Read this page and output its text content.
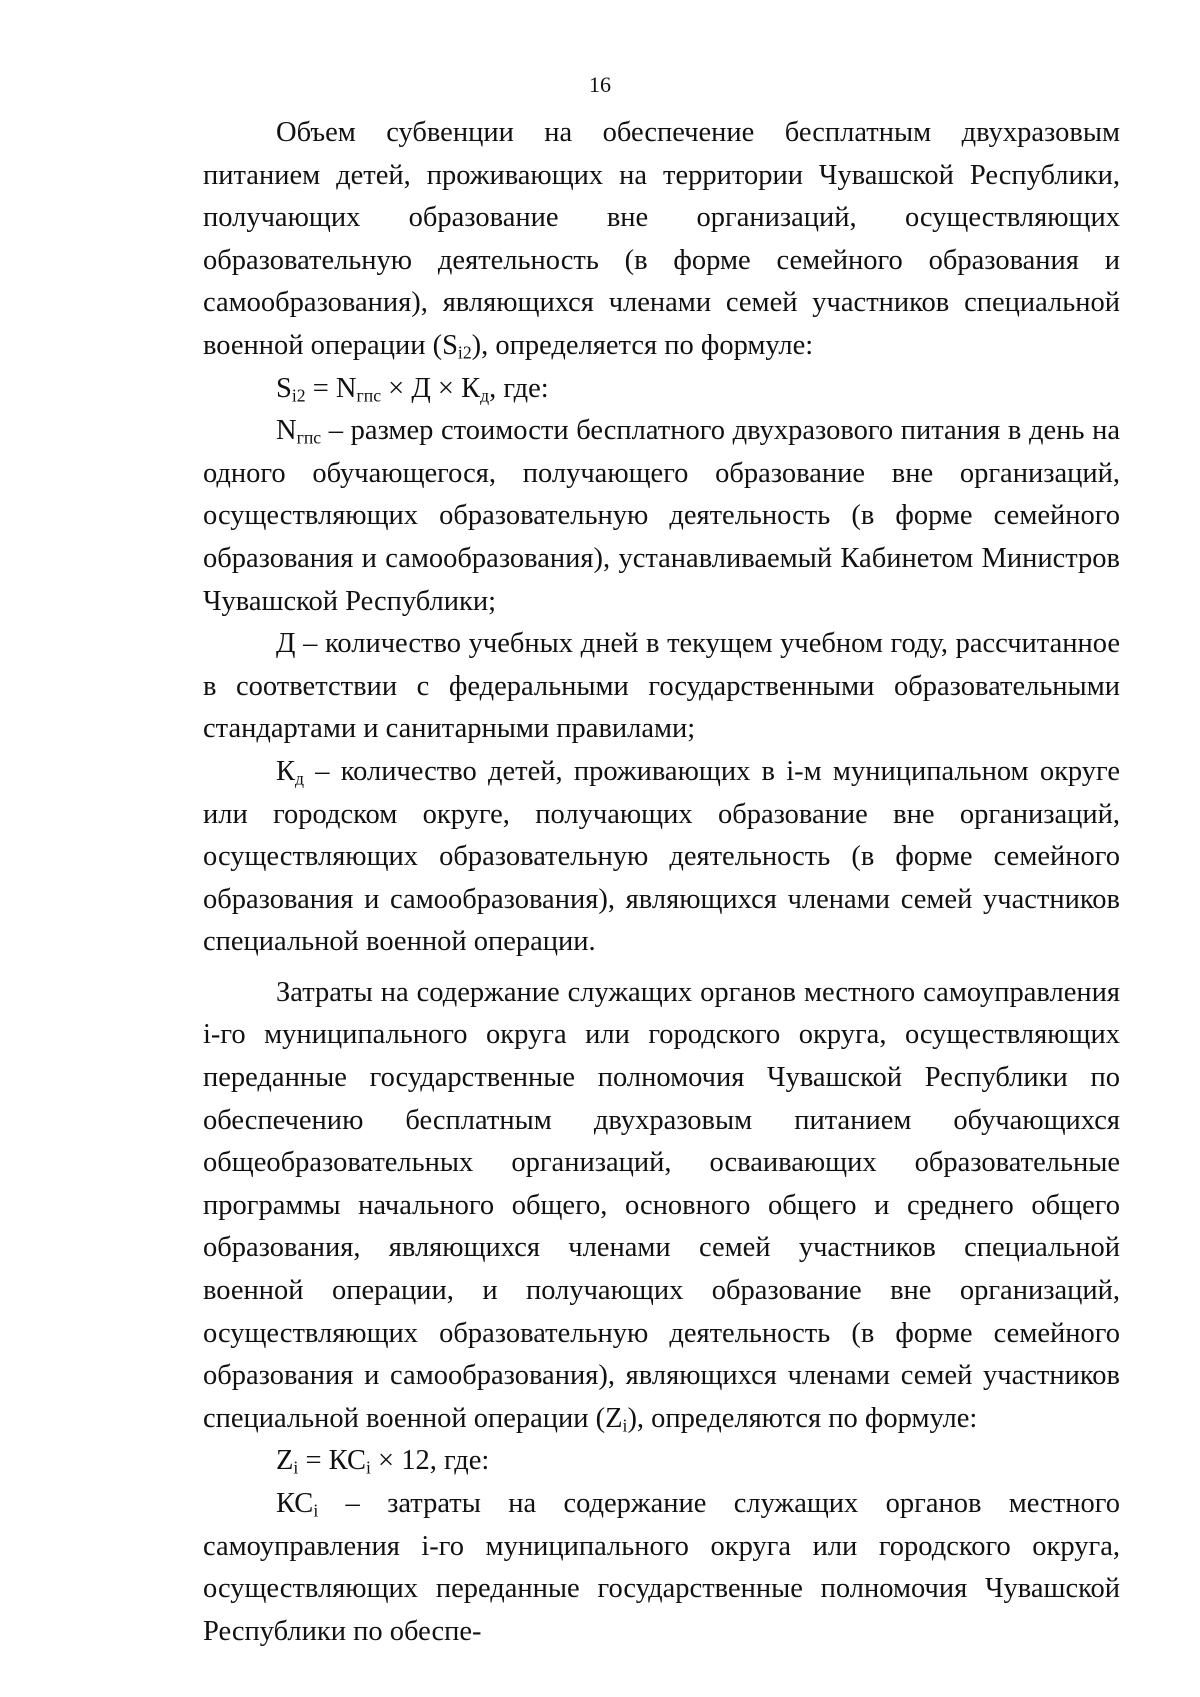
16

Объем субвенции на обеспечение бесплатным двухразовым питанием детей, проживающих на территории Чувашской Республики, получающих образование вне организаций, осуществляющих образовательную деятельность (в форме семейного образования и самообразования), являющихся членами семей участников специальной военной операции $(S_{i2})$, определяется по формуле:

$S_{i2} = N_{гпс} \times Д \times К_д$, где:

$N_{гпс}$ – размер стоимости бесплатного двухразового питания в день на одного обучающегося, получающего образование вне организаций, осуществляющих образовательную деятельность (в форме семейного образования и самообразования), устанавливаемый Кабинетом Министров Чувашской Республики;

Д – количество учебных дней в текущем учебном году, рассчитанное в соответствии с федеральными государственными образовательными стандартами и санитарными правилами;

$К_д$ – количество детей, проживающих в i-м муниципальном округе или городском округе, получающих образование вне организаций, осуществляющих образовательную деятельность (в форме семейного образования и самообразования), являющихся членами семей участников специальной военной операции.

Затраты на содержание служащих органов местного самоуправления i-го муниципального округа или городского округа, осуществляющих переданные государственные полномочия Чувашской Республики по обеспечению бесплатным двухразовым питанием обучающихся общеобразовательных организаций, осваивающих образовательные программы начального общего, основного общего и среднего общего образования, являющихся членами семей участников специальной военной операции, и получающих образование вне организаций, осуществляющих образовательную деятельность (в форме семейного образования и самообразования), являющихся членами семей участников специальной военной операции $(Z_i)$, определяются по формуле:

$Z_i = КС_i \times 12$, где:

$КС_i$ – затраты на содержание служащих органов местного самоуправления i-го муниципального округа или городского округа, осуществляющих переданные государственные полномочия Чувашской Республики по обеспе-
